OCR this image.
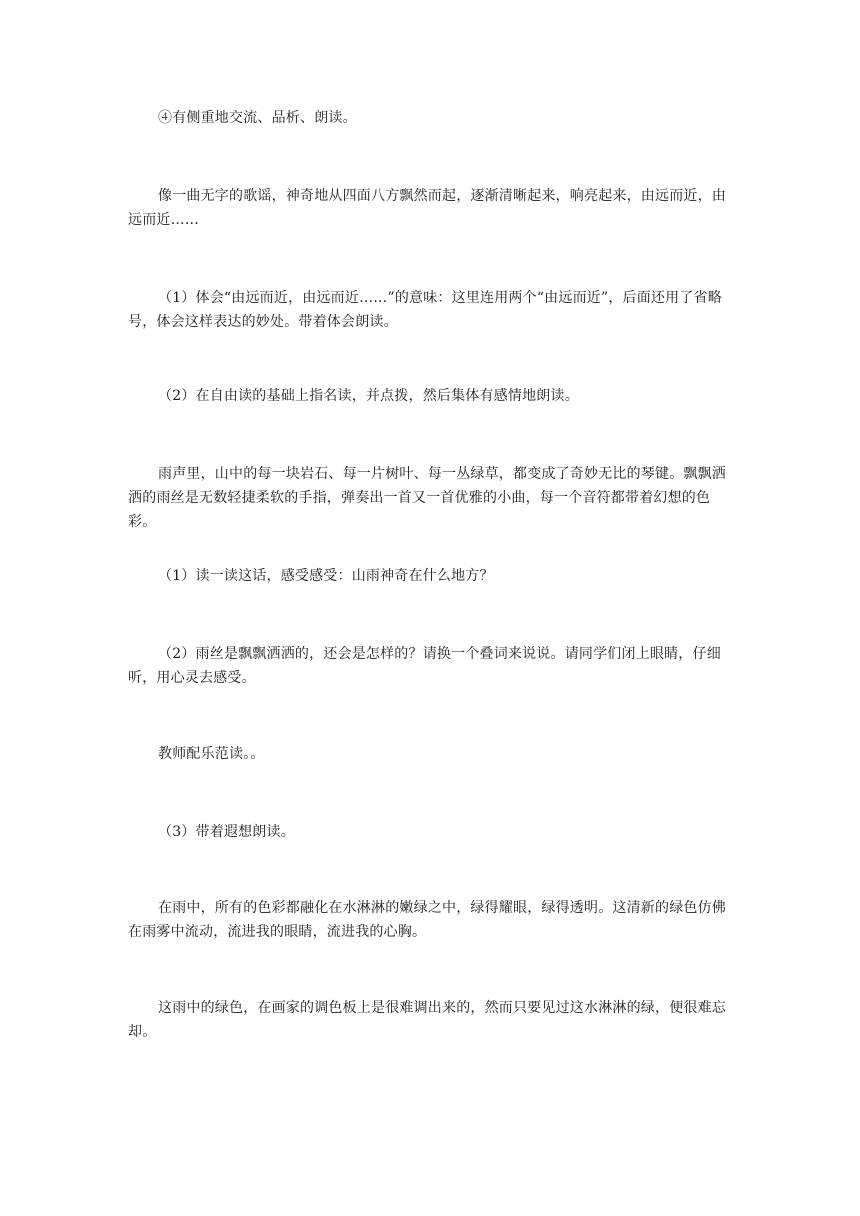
④有侧重地交流、品析、朗读。

像一曲无字的歌谣，神奇地从四面八方飘然而起，逐渐清晰起来，响亮起来，由远而近，由远而近……

（1）体会“由远而近，由远而近……”的意味：这里连用两个“由远而近”，后面还用了省略号，体会这样表达的妙处。带着体会朗读。

（2）在自由读的基础上指名读，并点拨，然后集体有感情地朗读。

雨声里，山中的每一块岩石、每一片树叶、每一丛绿草，都变成了奇妙无比的琴键。飘飘洒洒的雨丝是无数轻捷柔软的手指，弹奏出一首又一首优雅的小曲，每一个音符都带着幻想的色彩。

（1）读一读这话，感受感受：山雨神奇在什么地方？

（2）雨丝是飘飘洒洒的，还会是怎样的？请换一个叠词来说说。请同学们闭上眼睛，仔细听，用心灵去感受。

教师配乐范读。。

（3）带着遐想朗读。

在雨中，所有的色彩都融化在水淋淋的嫩绿之中，绿得耀眼，绿得透明。这清新的绿色仿佛在雨雾中流动，流进我的眼睛，流进我的心胸。

这雨中的绿色，在画家的调色板上是很难调出来的，然而只要见过这水淋淋的绿，便很难忘却。
